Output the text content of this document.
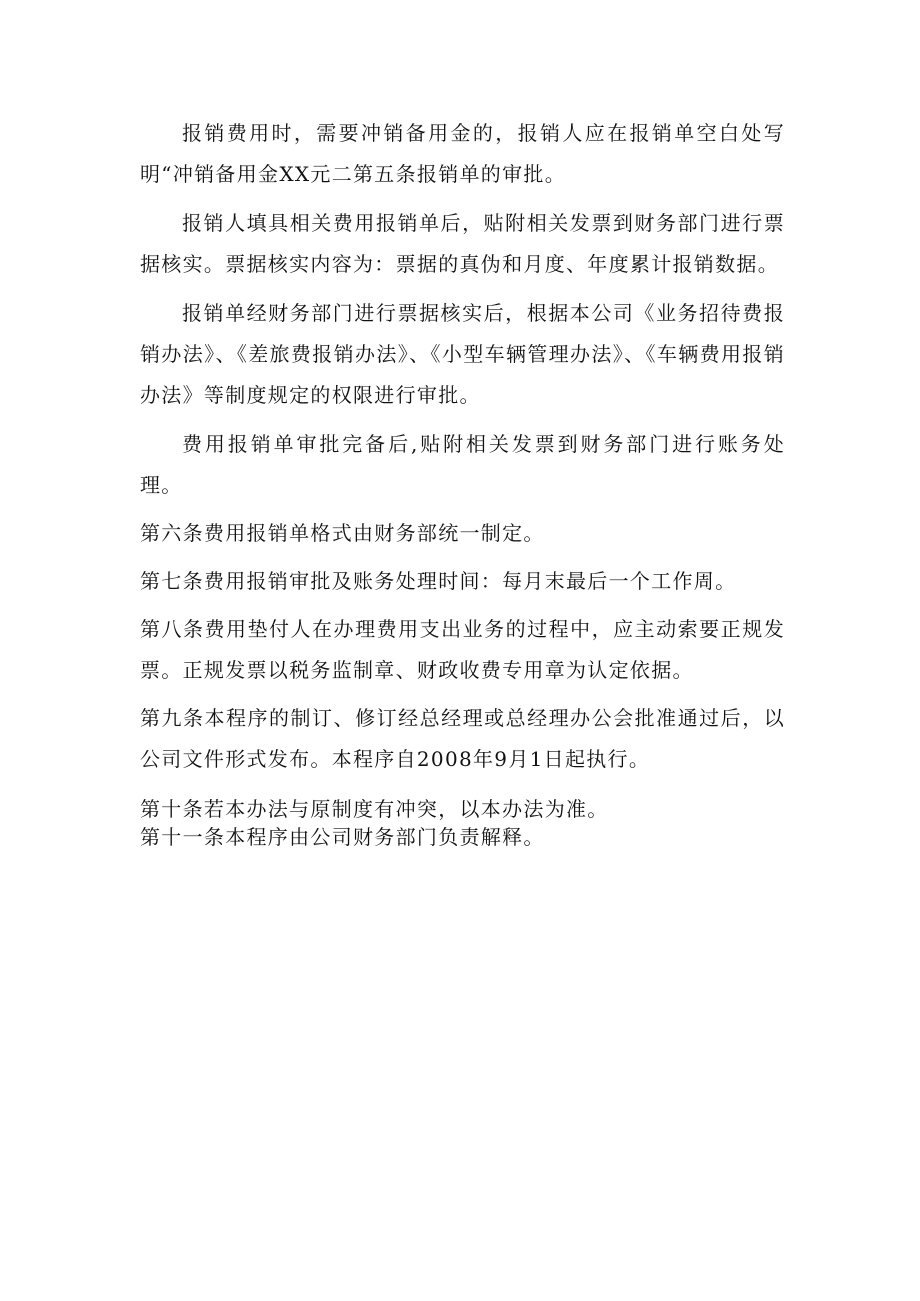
报销费用时，需要冲销备用金的，报销人应在报销单空白处写明“冲销备用金XX元二第五条报销单的审批。

报销人填具相关费用报销单后，贴附相关发票到财务部门进行票据核实。票据核实内容为：票据的真伪和月度、年度累计报销数据。

报销单经财务部门进行票据核实后，根据本公司《业务招待费报销办法》、《差旅费报销办法》、《小型车辆管理办法》、《车辆费用报销办法》等制度规定的权限进行审批。

费用报销单审批完备后,贴附相关发票到财务部门进行账务处理。

第六条费用报销单格式由财务部统一制定。

第七条费用报销审批及账务处理时间：每月末最后一个工作周。

第八条费用垫付人在办理费用支出业务的过程中，应主动索要正规发票。正规发票以税务监制章、财政收费专用章为认定依据。

第九条本程序的制订、修订经总经理或总经理办公会批准通过后，以公司文件形式发布。本程序自2008年9月1日起执行。

第十条若本办法与原制度有冲突，以本办法为准。

第十一条本程序由公司财务部门负责解释。
